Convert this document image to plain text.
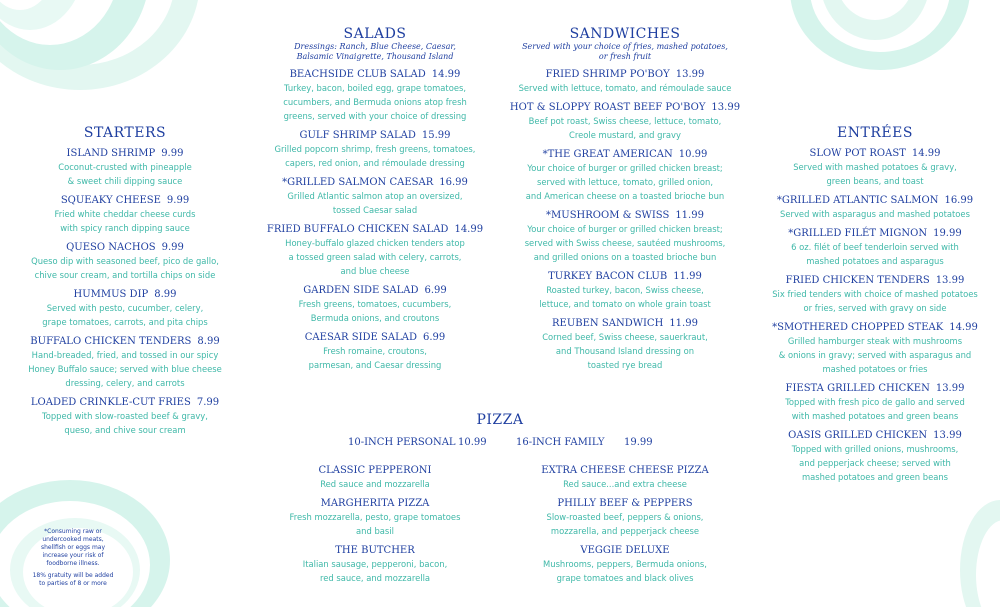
STARTERS
ISLAND SHRIMP 9.99
Coconut-crusted with pineapple
& sweet chili dipping sauce
SQUEAKY CHEESE 9.99
Fried white cheddar cheese curds
with spicy ranch dipping sauce
QUESO NACHOS 9.99
Queso dip with seasoned beef, pico de gallo,
chive sour cream, and tortilla chips on side
HUMMUS DIP 8.99
Served with pesto, cucumber, celery,
grape tomatoes, carrots, and pita chips
BUFFALO CHICKEN TENDERS 8.99
Hand-breaded, fried, and tossed in our spicy
Honey Buffalo sauce; served with blue cheese
dressing, celery, and carrots
LOADED CRINKLE-CUT FRIES 7.99
Topped with slow-roasted beef & gravy,
queso, and chive sour cream
SALADS
Dressings: Ranch, Blue Cheese, Caesar,
Balsamic Vinaigrette, Thousand Island
BEACHSIDE CLUB SALAD 14.99
Turkey, bacon, boiled egg, grape tomatoes,
cucumbers, and Bermuda onions atop fresh
greens, served with your choice of dressing
GULF SHRIMP SALAD 15.99
Grilled popcorn shrimp, fresh greens, tomatoes,
capers, red onion, and rémoulade dressing
*GRILLED SALMON CAESAR 16.99
Grilled Atlantic salmon atop an oversized,
tossed Caesar salad
FRIED BUFFALO CHICKEN SALAD 14.99
Honey-buffalo glazed chicken tenders atop
a tossed green salad with celery, carrots,
and blue cheese
GARDEN SIDE SALAD 6.99
Fresh greens, tomatoes, cucumbers,
Bermuda onions, and croutons
CAESAR SIDE SALAD 6.99
Fresh romaine, croutons,
parmesan, and Caesar dressing
SANDWICHES
Served with your choice of fries, mashed potatoes,
or fresh fruit
FRIED SHRIMP PO'BOY 13.99
Served with lettuce, tomato, and rémoulade sauce
HOT & SLOPPY ROAST BEEF PO'BOY 13.99
Beef pot roast, Swiss cheese, lettuce, tomato,
Creole mustard, and gravy
*THE GREAT AMERICAN 10.99
Your choice of burger or grilled chicken breast;
served with lettuce, tomato, grilled onion,
and American cheese on a toasted brioche bun
*MUSHROOM & SWISS 11.99
Your choice of burger or grilled chicken breast;
served with Swiss cheese, sautéed mushrooms,
and grilled onions on a toasted brioche bun
TURKEY BACON CLUB 11.99
Roasted turkey, bacon, Swiss cheese,
lettuce, and tomato on whole grain toast
REUBEN SANDWICH 11.99
Corned beef, Swiss cheese, sauerkraut,
and Thousand Island dressing on
toasted rye bread
ENTRÉES
SLOW POT ROAST 14.99
Served with mashed potatoes & gravy,
green beans, and toast
*GRILLED ATLANTIC SALMON 16.99
Served with asparagus and mashed potatoes
*GRILLED FILÉT MIGNON 19.99
6 oz. filét of beef tenderloin served with
mashed potatoes and asparagus
FRIED CHICKEN TENDERS 13.99
Six fried tenders with choice of mashed potatoes
or fries, served with gravy on side
*SMOTHERED CHOPPED STEAK 14.99
Grilled hamburger steak with mushrooms
& onions in gravy; served with asparagus and
mashed potatoes or fries
FIESTA GRILLED CHICKEN 13.99
Topped with fresh pico de gallo and served
with mashed potatoes and green beans
OASIS GRILLED CHICKEN 13.99
Topped with grilled onions, mushrooms,
and pepperjack cheese; served with
mashed potatoes and green beans
PIZZA
10-INCH PERSONAL 10.99	16-INCH FAMILY 19.99
CLASSIC PEPPERONI
Red sauce and mozzarella
MARGHERITA PIZZA
Fresh mozzarella, pesto, grape tomatoes
and basil
THE BUTCHER
Italian sausage, pepperoni, bacon,
red sauce, and mozzarella
EXTRA CHEESE CHEESE PIZZA
Red sauce...and extra cheese
PHILLY BEEF & PEPPERS
Slow-roasted beef, peppers & onions,
mozzarella, and pepperjack cheese
VEGGIE DELUXE
Mushrooms, peppers, Bermuda onions,
grape tomatoes and black olives

*Consuming raw or
undercooked meats,
shellfish or eggs may
increase your risk of
foodborne illness.

18% gratuity will be added
to parties of 8 or more
